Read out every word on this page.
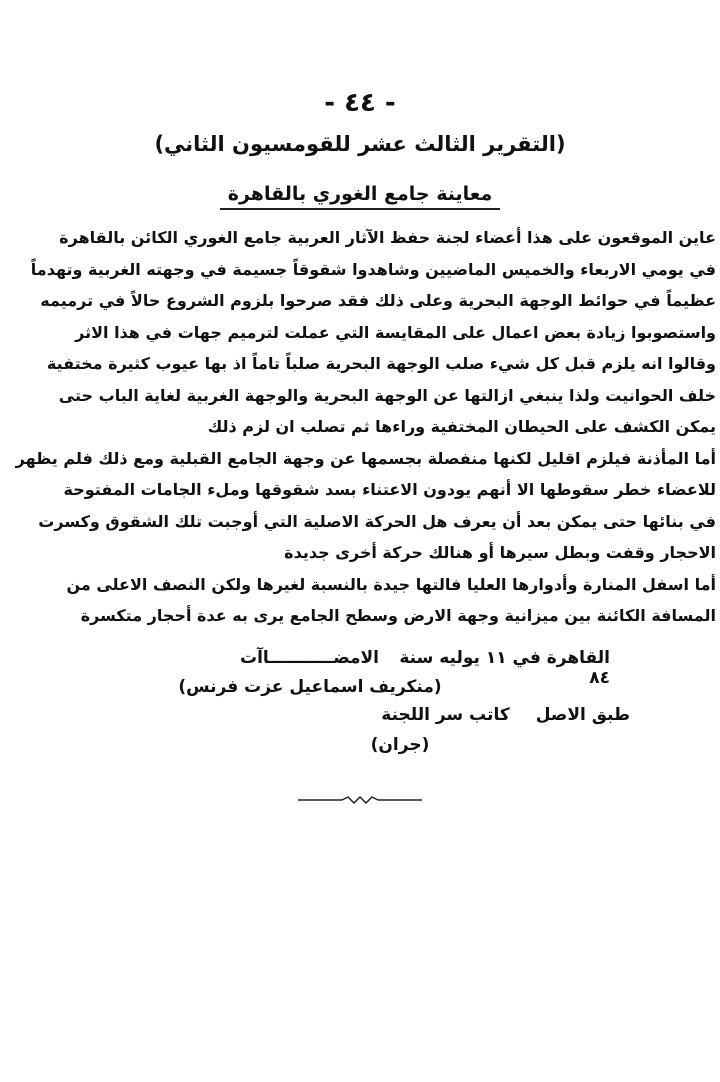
- ٤٤ -
(التقرير الثالث عشر للقومسيون الثاني)
معاينة جامع الغوري بالقاهرة
عاين الموقعون على هذا أعضاء لجنة حفظ الآثار العربية جامع الغوري الكائن بالقاهرة
في يومي الاربعاء والخميس الماضيين وشاهدوا شقوقاً جسيمة في وجهته الغربية وتهدماً
عظيماً في حوائط الوجهة البحرية وعلى ذلك فقد صرحوا بلزوم الشروع حالاً في ترميمه
واستصوبوا زيادة بعض اعمال على المقايسة التي عملت لترميم جهات في هذا الاثر
وقالوا انه يلزم قبل كل شيء صلب الوجهة البحرية صلباً تاماً اذ بها عيوب كثيرة مختفية
خلف الحوانيت ولذا ينبغي ازالتها عن الوجهة البحرية والوجهة الغربية لغاية الباب حتى
يمكن الكشف على الحيطان المختفية وراءها ثم تصلب ان لزم ذلك
أما المأذنة فيلزم اقليل لكنها منفصلة بجسمها عن وجهة الجامع القبلية ومع ذلك فلم يظهر
للاعضاء خطر سقوطها الا أنهم يودون الاعتناء بسد شقوقها وملء الجامات المفتوحة
في بنائها حتى يمكن بعد أن يعرف هل الحركة الاصلية التي أوجبت تلك الشقوق وكسرت
الاحجار وقفت وبطل سيرها أو هنالك حركة أخرى جديدة
أما اسفل المنارة وأدوارها العليا فالتها جيدة بالنسبة لغيرها ولكن النصف الاعلى من
المسافة الكائنة بين ميزانية وجهة الارض وسطح الجامع يرى به عدة أحجار متكسرة
القاهرة في ١١ يوليه سنة ٨٤
الامضـــــــــــاآت
(منكريف اسماعيل عزت فرنس)
طبق الاصل
كاتب سر اللجنة
(جران)
